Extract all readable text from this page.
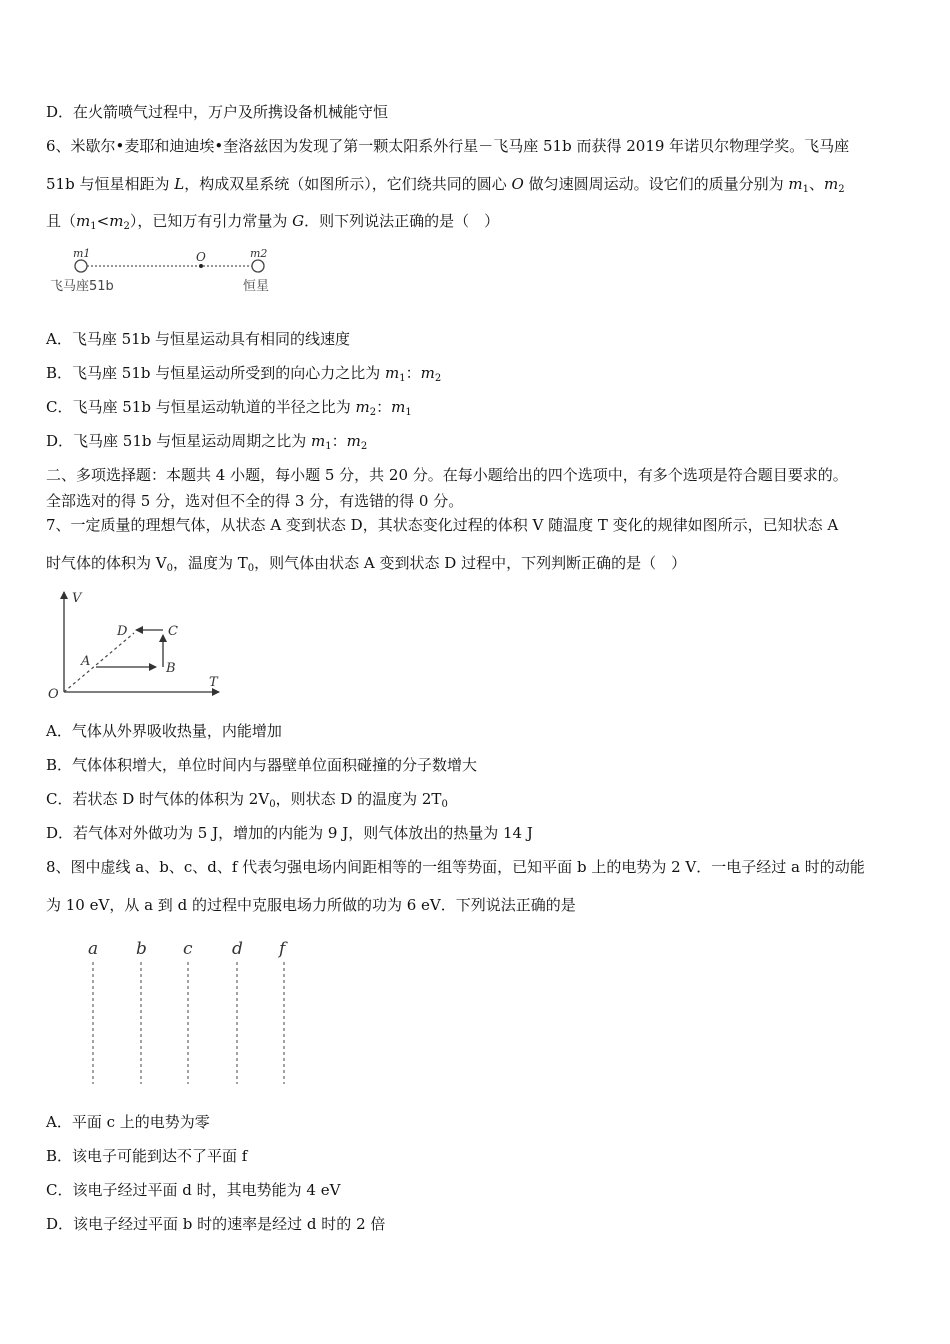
D．在火箭喷气过程中，万户及所携设备机械能守恒
6、米歇尔•麦耶和迪迪埃•奎洛兹因为发现了第一颗太阳系外行星－飞马座 51b 而获得 2019 年诺贝尔物理学奖。飞马座
51b 与恒星相距为 L，构成双星系统（如图所示），它们绕共同的圆心 O 做匀速圆周运动。设它们的质量分别为 $m_1$、$m_2$
且$(m_1<m_2)$，已知万有引力常量为 G．则下列说法正确的是（　）
m1	O	m2
飞马座51b	恒星
A．飞马座 51b 与恒星运动具有相同的线速度
B．飞马座 51b 与恒星运动所受到的向心力之比为 $m_1$：$m_2$
C．飞马座 51b 与恒星运动轨道的半径之比为 $m_2$：$m_1$
D．飞马座 51b 与恒星运动周期之比为 $m_1$：$m_2$
二、多项选择题：本题共 4 小题，每小题 5 分，共 20 分。在每小题给出的四个选项中，有多个选项是符合题目要求的。
全部选对的得 5 分，选对但不全的得 3 分，有选错的得 0 分。
7、一定质量的理想气体，从状态 A 变到状态 D，其状态变化过程的体积 V 随温度 T 变化的规律如图所示，已知状态 A
时气体的体积为 $V_0$，温度为 $T_0$，则气体由状态 A 变到状态 D 过程中，下列判断正确的是（　）
V
T
O
A	B
C
D
A．气体从外界吸收热量，内能增加
B．气体体积增大，单位时间内与器壁单位面积碰撞的分子数增大
C．若状态 D 时气体的体积为 $2V_0$，则状态 D 的温度为 $2T_0$
D．若气体对外做功为 5 J，增加的内能为 9 J，则气体放出的热量为 14 J
8、图中虚线 a、b、c、d、f 代表匀强电场内间距相等的一组等势面，已知平面 b 上的电势为 2 V．一电子经过 a 时的动能
为 10 eV，从 a 到 d 的过程中克服电场力所做的功为 6 eV．下列说法正确的是
a b c d f
A．平面 c 上的电势为零
B．该电子可能到达不了平面 f
C．该电子经过平面 d 时，其电势能为 4 eV
D．该电子经过平面 b 时的速率是经过 d 时的 2 倍
